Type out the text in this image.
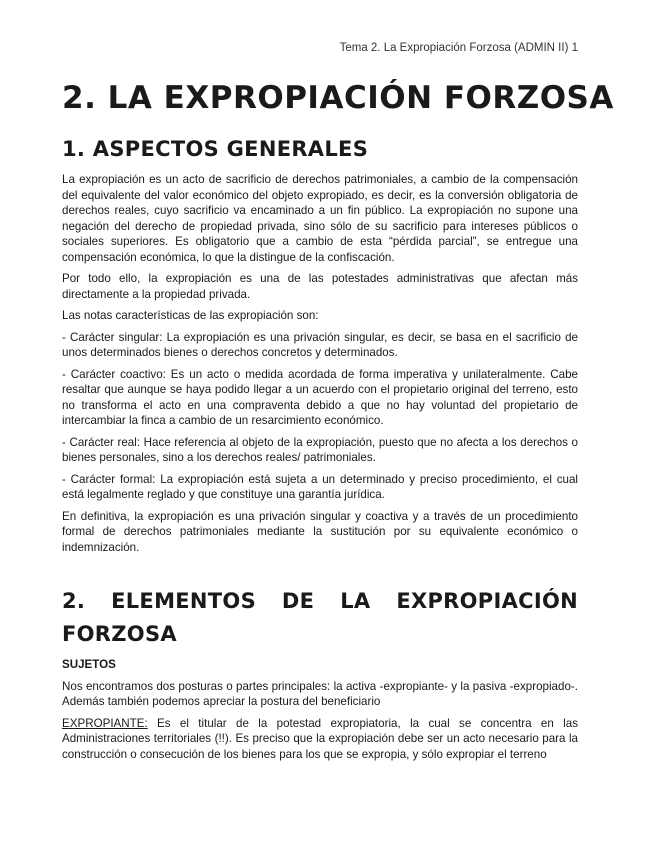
Tema 2. La Expropiación Forzosa (ADMIN II) 1
2. LA EXPROPIACIÓN FORZOSA
1. ASPECTOS GENERALES

La expropiación es un acto de sacrificio de derechos patrimoniales, a cambio de la compensación del equivalente del valor económico del objeto expropiado, es decir, es la conversión obligatoria de derechos reales, cuyo sacrificio va encaminado a un fin público. La expropiación no supone una negación del derecho de propiedad privada, sino sólo de su sacrificio para intereses públicos o sociales superiores. Es obligatorio que a cambio de esta “pérdida parcial”, se entregue una compensación económica, lo que la distingue de la confiscación.

Por todo ello, la expropiación es una de las potestades administrativas que afectan más directamente a la propiedad privada.

Las notas características de las expropiación son:

- Carácter singular: La expropiación es una privación singular, es decir, se basa en el sacrificio de unos determinados bienes o derechos concretos y determinados.

- Carácter coactivo: Es un acto o medida acordada de forma imperativa y unilateralmente. Cabe resaltar que aunque se haya podido llegar a un acuerdo con el propietario original del terreno, esto no transforma el acto en una compraventa debido a que no hay voluntad del propietario de intercambiar la finca a cambio de un resarcimiento económico.

- Carácter real: Hace referencia al objeto de la expropiación, puesto que no afecta a los derechos o bienes personales, sino a los derechos reales/ patrimoniales.

- Carácter formal: La expropiación está sujeta a un determinado y preciso procedimiento, el cual está legalmente reglado y que constituye una garantía jurídica.

En definitiva, la expropiación es una privación singular y coactiva y a través de un procedimiento formal de derechos patrimoniales mediante la sustitución por su equivalente económico o indemnización.

2. ELEMENTOS DE LA EXPROPIACIÓN
FORZOSA
SUJETOS

Nos encontramos dos posturas o partes principales: la activa -expropiante- y la pasiva -expropiado-. Además también podemos apreciar la postura del beneficiario

EXPROPIANTE: Es el titular de la potestad expropiatoria, la cual se concentra en las Administraciones territoriales (!!). Es preciso que la expropiación debe ser un acto necesario para la construcción o consecución de los bienes para los que se expropia, y sólo expropiar el terreno
